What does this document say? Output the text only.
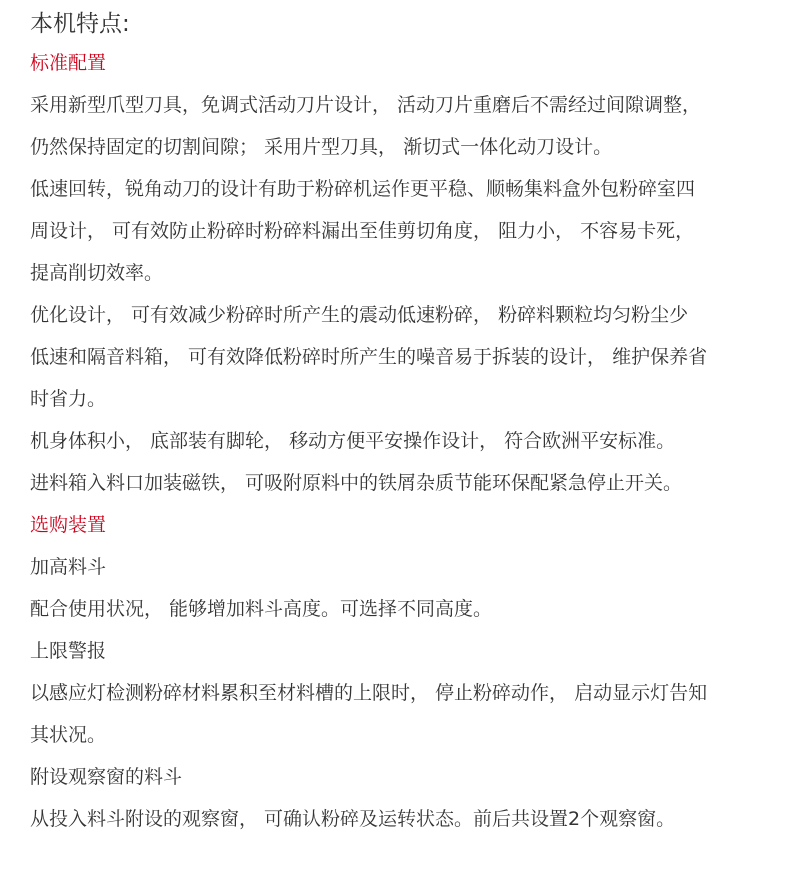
本机特点:
标准配置
采用新型爪型刀具，免调式活动刀片设计， 活动刀片重磨后不需经过间隙调整，
仍然保持固定的切割间隙； 采用片型刀具， 渐切式一体化动刀设计。
低速回转，锐角动刀的设计有助于粉碎机运作更平稳、顺畅集料盒外包粉碎室四
周设计， 可有效防止粉碎时粉碎料漏出至佳剪切角度， 阻力小， 不容易卡死，
提高削切效率。
优化设计， 可有效减少粉碎时所产生的震动低速粉碎， 粉碎料颗粒均匀粉尘少
低速和隔音料箱， 可有效降低粉碎时所产生的噪音易于拆装的设计， 维护保养省
时省力。
机身体积小， 底部装有脚轮， 移动方便平安操作设计， 符合欧洲平安标准。
进料箱入料口加装磁铁， 可吸附原料中的铁屑杂质节能环保配紧急停止开关。
选购装置
加高料斗
配合使用状况， 能够增加料斗高度。可选择不同高度。
上限警报
以感应灯检测粉碎材料累积至材料槽的上限时， 停止粉碎动作， 启动显示灯告知
其状况。
附设观察窗的料斗
从投入料斗附设的观察窗， 可确认粉碎及运转状态。前后共设置2个观察窗。
